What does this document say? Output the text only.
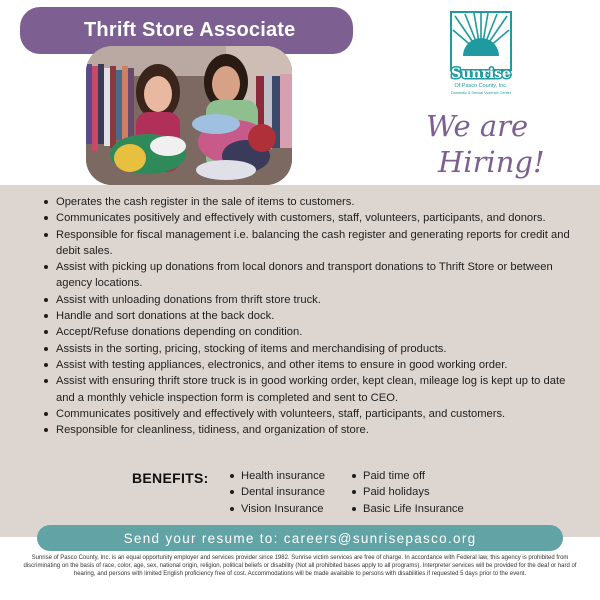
Thrift Store Associate
Sunrise
Of Pasco County, Inc.
Domestic & Sexual Violence Center
We are
Hiring!
Operates the cash register in the sale of items to customers.
Communicates positively and effectively with customers, staff, volunteers, participants, and donors.
Responsible for fiscal management i.e. balancing the cash register and generating reports for credit and debit sales.
Assist with picking up donations from local donors and transport donations to Thrift Store or between agency locations.
Assist with unloading donations from thrift store truck.
Handle and sort donations at the back dock.
Accept/Refuse donations depending on condition.
Assists in the sorting, pricing, stocking of items and merchandising of products.
Assist with testing appliances, electronics, and other items to ensure in good working order.
Assist with ensuring thrift store truck is in good working order, kept clean, mileage log is kept up to date and a monthly vehicle inspection form is completed and sent to CEO.
Communicates positively and effectively with volunteers, staff, participants, and customers.
Responsible for cleanliness, tidiness, and organization of store.
BENEFITS:	Health insurance
Dental insurance
Vision Insurance
Paid time off
Paid holidays
Basic Life Insurance
Send your resume to: careers@sunrisepasco.org
Sunrise of Pasco County, Inc. is an equal opportunity employer and services provider since 1982. Sunrise victim services are free of charge. In accordance with Federal law, this agency is prohibited from discriminating on the basis of race, color, age, sex, national origin, religion, political beliefs or disability (Not all prohibited bases apply to all programs). Interpreter services will be provided for the deaf or hard of hearing, and persons with limited English proficiency free of cost. Accommodations will be made available to persons with disabilities if requested 5 days prior to the event.
